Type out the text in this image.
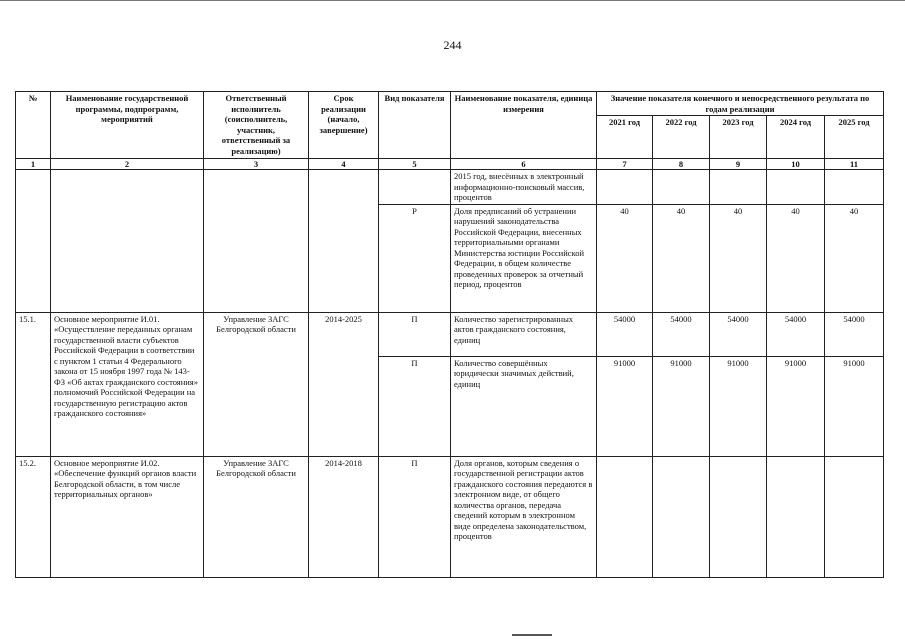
244
№	Наименование государственной программы, подпрограмм, мероприятий	Ответственный исполнитель (соисполнитель, участник, ответственный за реализацию)	Срок реализации (начало, завершение)	Вид показателя	Наименование показателя, единица измерения	Значение показателя конечного и непосредственного результата по годам реализации				
						2021 год	2022 год	2023 год	2024 год	2025 год
1	2	3	4	5	6	7	8	9	10	11
					2015 год, внесённых в электронный информационно-поисковый массив, процентов					
				Р	Доля предписаний об устранении нарушений законодательства Российской Федерации, внесенных территориальными органами Министерства юстиции Российской Федерации, в общем количестве проведенных проверок за отчетный период, процентов	40	40	40	40	40
15.1.	Основное мероприятие И.01. «Осуществление переданных органам государственной власти субъектов Российской Федерации в соответствии с пунктом 1 статьи 4 Федерального закона от 15 ноября 1997 года № 143-ФЗ «Об актах гражданского состояния» полномочий Российской Федерации на государственную регистрацию актов гражданского состояния»	Управление ЗАГС Белгородской области	2014-2025	П	Количество зарегистрированных актов гражданского состояния, единиц	54000	54000	54000	54000	54000
				П	Количество совершённых юридически значимых действий, единиц	91000	91000	91000	91000	91000
15.2.	Основное мероприятие И.02. «Обеспечение функций органов власти Белгородской области, в том числе территориальных органов»	Управление ЗАГС Белгородской области	2014-2018	П	Доля органов, которым сведения о государственной регистрации актов гражданского состояния передаются в электронном виде, от общего количества органов, передача сведений которым в электронном виде определена законодательством, процентов					
